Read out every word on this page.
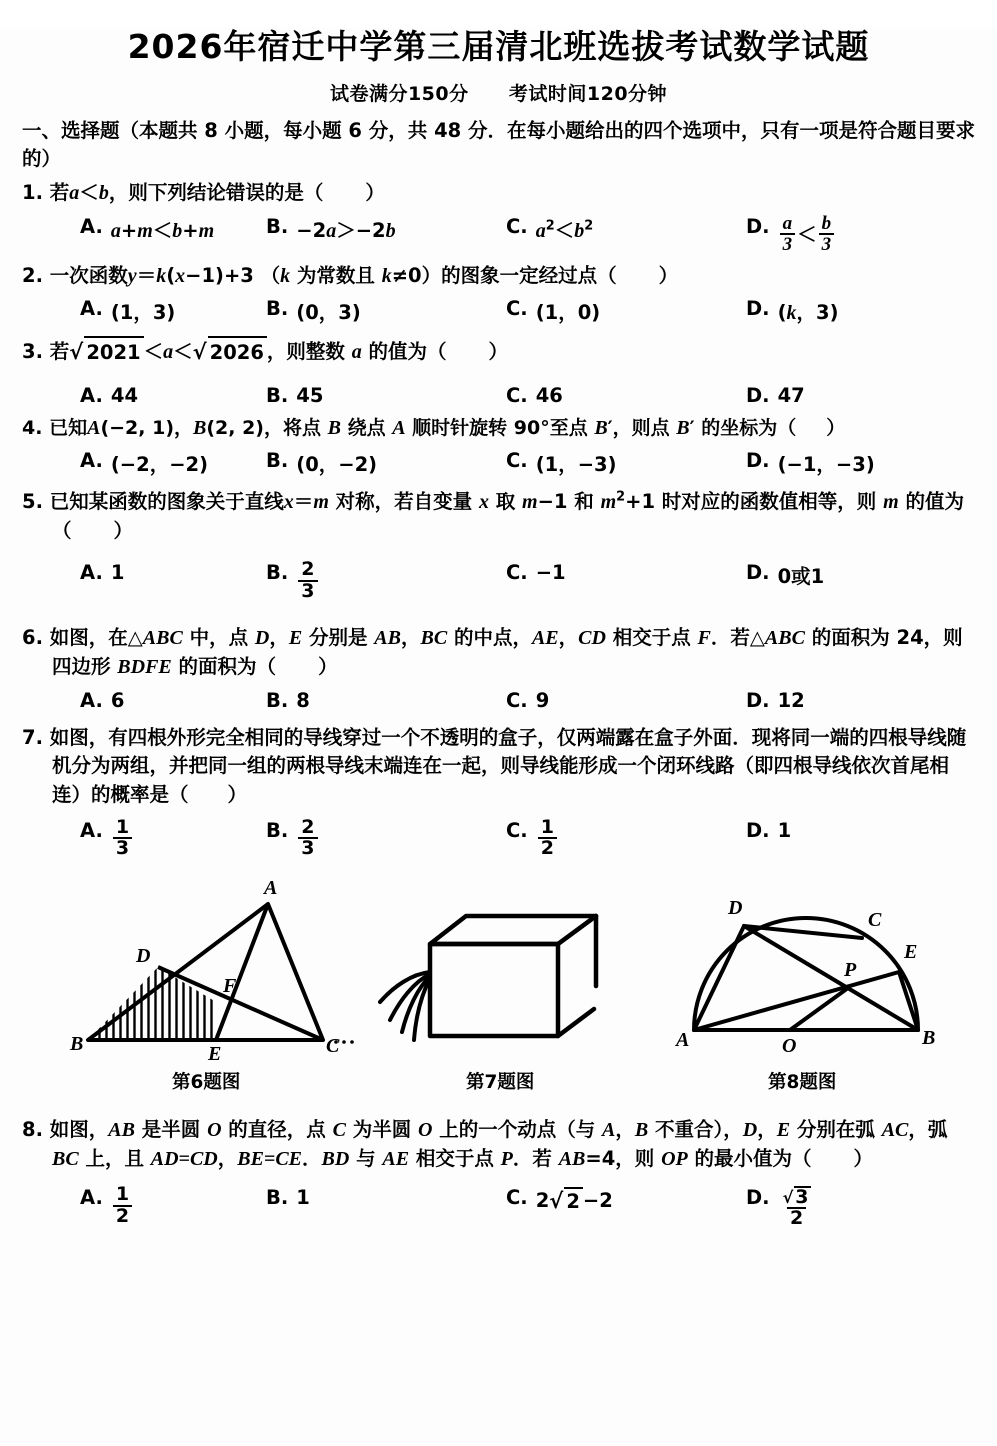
2026年宿迁中学第三届清北班选拔考试数学试题
试卷满分150分 考试时间120分钟
一、选择题（本题共 8 小题，每小题 6 分，共 48 分．在每小题给出的四个选项中，只有一项是符合题目要求的）
1. 若a＜b，则下列结论错误的是（ ）
A. a+m＜b+m	B. −2a＞−2b	C. $a^2<b^2$	D. $\frac{a}{3} < \frac{b}{3}$
2. 一次函数y＝k(x−1)+3 （k 为常数且 k≠0）的图象一定经过点（ ）
A. (1，3)	B. (0，3)	C. (1，0)	D. (k，3)
3. 若√ 2021 ＜a＜√ 2026 ，则整数 a 的值为（ ）
A. 44	B. 45	C. 46	D. 47
4. 已知A(−2, 1)，B(2, 2)，将点 B 绕点 A 顺时针旋转 90°至点 B′，则点 B′ 的坐标为（ ）
A. (−2，−2)	B. (0，−2)	C. (1，−3)	D. (−1，−3)
5. 已知某函数的图象关于直线x＝m 对称，若自变量 x 取 m−1 和 $m^2+1$ 时对应的函数值相等，则 m 的值为（ ）
A. 1	B. $\frac{2}{3}$	C. −1	D. 0或1
6. 如图，在△ABC 中，点 D，E 分别是 AB，BC 的中点，AE，CD 相交于点 F．若△ABC 的面积为 24，则四边形 BDFE 的面积为（ ）
A. 6	B. 8	C. 9	D. 12
7. 如图，有四根外形完全相同的导线穿过一个不透明的盒子，仅两端露在盒子外面．现将同一端的四根导线随机分为两组，并把同一组的两根导线末端连在一起，则导线能形成一个闭环线路（即四根导线依次首尾相连）的概率是（　　）
A. $\frac{1}{3}$	B. $\frac{2}{3}$	C. $\frac{1}{2}$	D. 1
A
B	C
D
E
F
A	B
C
D
E
O
P
第6题图	第7题图	第8题图
8. 如图，AB 是半圆 O 的直径，点 C 为半圆 O 上的一个动点（与 A，B 不重合），D，E 分别在弧 AC，弧 BC 上，且 AD=CD，BE=CE．BD 与 AE 相交于点 P．若 AB=4，则 OP 的最小值为（ ）
A. $\frac{1}{2}$	B. 1	C. 2√ 2 −2	D. $\frac{√ 3}{2}$
